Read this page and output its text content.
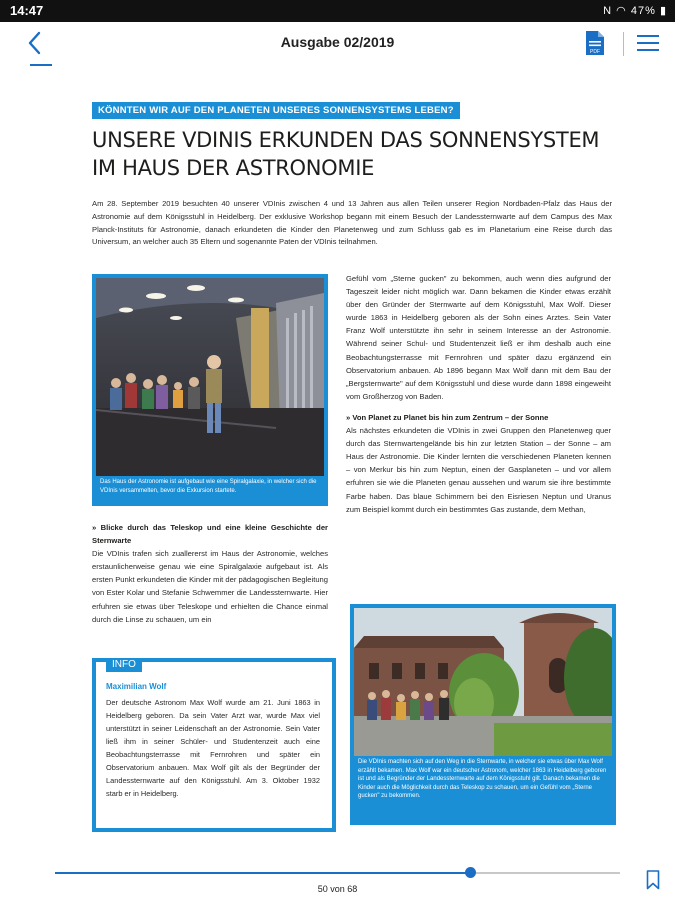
14:47	N ◠ 47% ▮
Ausgabe 02/2019
PDF
KÖNNTEN WIR AUF DEN PLANETEN UNSERES SONNENSYSTEMS LEBEN?
UNSERE VDINIS ERKUNDEN DAS SONNENSYSTEM
IM HAUS DER ASTRONOMIE
Am 28. September 2019 besuchten 40 unserer VDInis zwischen 4 und 13 Jahren aus allen Teilen unserer Region Nordbaden-Pfalz das Haus der Astronomie auf dem Königsstuhl in Heidelberg. Der exklusive Workshop begann mit einem Besuch der Landessternwarte auf dem Campus des Max Planck-Instituts für Astronomie, danach erkundeten die Kinder den Planetenweg und zum Schluss gab es im Planetarium eine Reise durch das Universum, an welcher auch 35 Eltern und sogenannte Paten der VDInis teilnahmen.
Das Haus der Astronomie ist aufgebaut wie eine Spiralgalaxie, in welcher sich die VDInis versammelten, bevor die Exkursion startete.
» Blicke durch das Teleskop und eine kleine Geschichte der Sternwarte
Die VDInis trafen sich zuallererst im Haus der Astronomie, welches erstaunlicherweise genau wie eine Spiralgalaxie aufgebaut ist. Als ersten Punkt erkundeten die Kinder mit der pädagogischen Begleitung von Ester Kolar und Stefanie Schwemmer die Landessternwarte. Hier erfuhren sie etwas über Teleskope und erhielten die Chance einmal durch die Linse zu schauen, um ein
INFO
Maximilian Wolf
Der deutsche Astronom Max Wolf wurde am 21. Juni 1863 in Heidelberg geboren. Da sein Vater Arzt war, wurde Max viel unterstützt in seiner Leidenschaft an der Astronomie. Sein Vater ließ ihm in seiner Schüler- und Studentenzeit auch eine Beobachtungsterrasse mit Fernrohren und später ein Observatorium anbauen. Max Wolf gilt als der Begründer der Landessternwarte auf den Königsstuhl. Am 3. Oktober 1932 starb er in Heidelberg.
Gefühl vom „Sterne gucken" zu bekommen, auch wenn dies aufgrund der Tageszeit leider nicht möglich war. Dann bekamen die Kinder etwas erzählt über den Gründer der Sternwarte auf dem Königsstuhl, Max Wolf. Dieser wurde 1863 in Heidelberg geboren als der Sohn eines Arztes. Sein Vater Franz Wolf unterstützte ihn sehr in seinem Interesse an der Astronomie. Während seiner Schul- und Studentenzeit ließ er ihm deshalb auch eine Beobachtungsterrasse mit Fernrohren und später dazu ergänzend ein Observatorium anbauen. Ab 1896 begann Max Wolf dann mit dem Bau der „Bergsternwarte" auf dem Königsstuhl und diese wurde dann 1898 eingeweiht vom Großherzog von Baden.
» Von Planet zu Planet bis hin zum Zentrum – der Sonne
Als nächstes erkundeten die VDInis in zwei Gruppen den Planetenweg quer durch das Sternwartengelände bis hin zur letzten Station – der Sonne – am Haus der Astronomie. Die Kinder lernten die verschiedenen Planeten kennen – von Merkur bis hin zum Neptun, einen der Gasplaneten – und vor allem erfuhren sie wie die Planeten genau aussehen und warum sie ihre bestimmte Farbe haben. Das blaue Schimmern bei den Eisriesen Neptun und Uranus zum Beispiel kommt durch ein bestimmtes Gas zustande, dem Methan,
Die VDInis machten sich auf den Weg in die Sternwarte, in welcher sie etwas über Max Wolf erzählt bekamen. Max Wolf war ein deutscher Astronom, welcher 1863 in Heidelberg geboren ist und als Begründer der Landessternwarte auf dem Königsstuhl gilt. Danach bekamen die Kinder auch die Möglichkeit durch das Teleskop zu schauen, um ein Gefühl vom „Sterne gucken" zu bekommen.
50 von 68
